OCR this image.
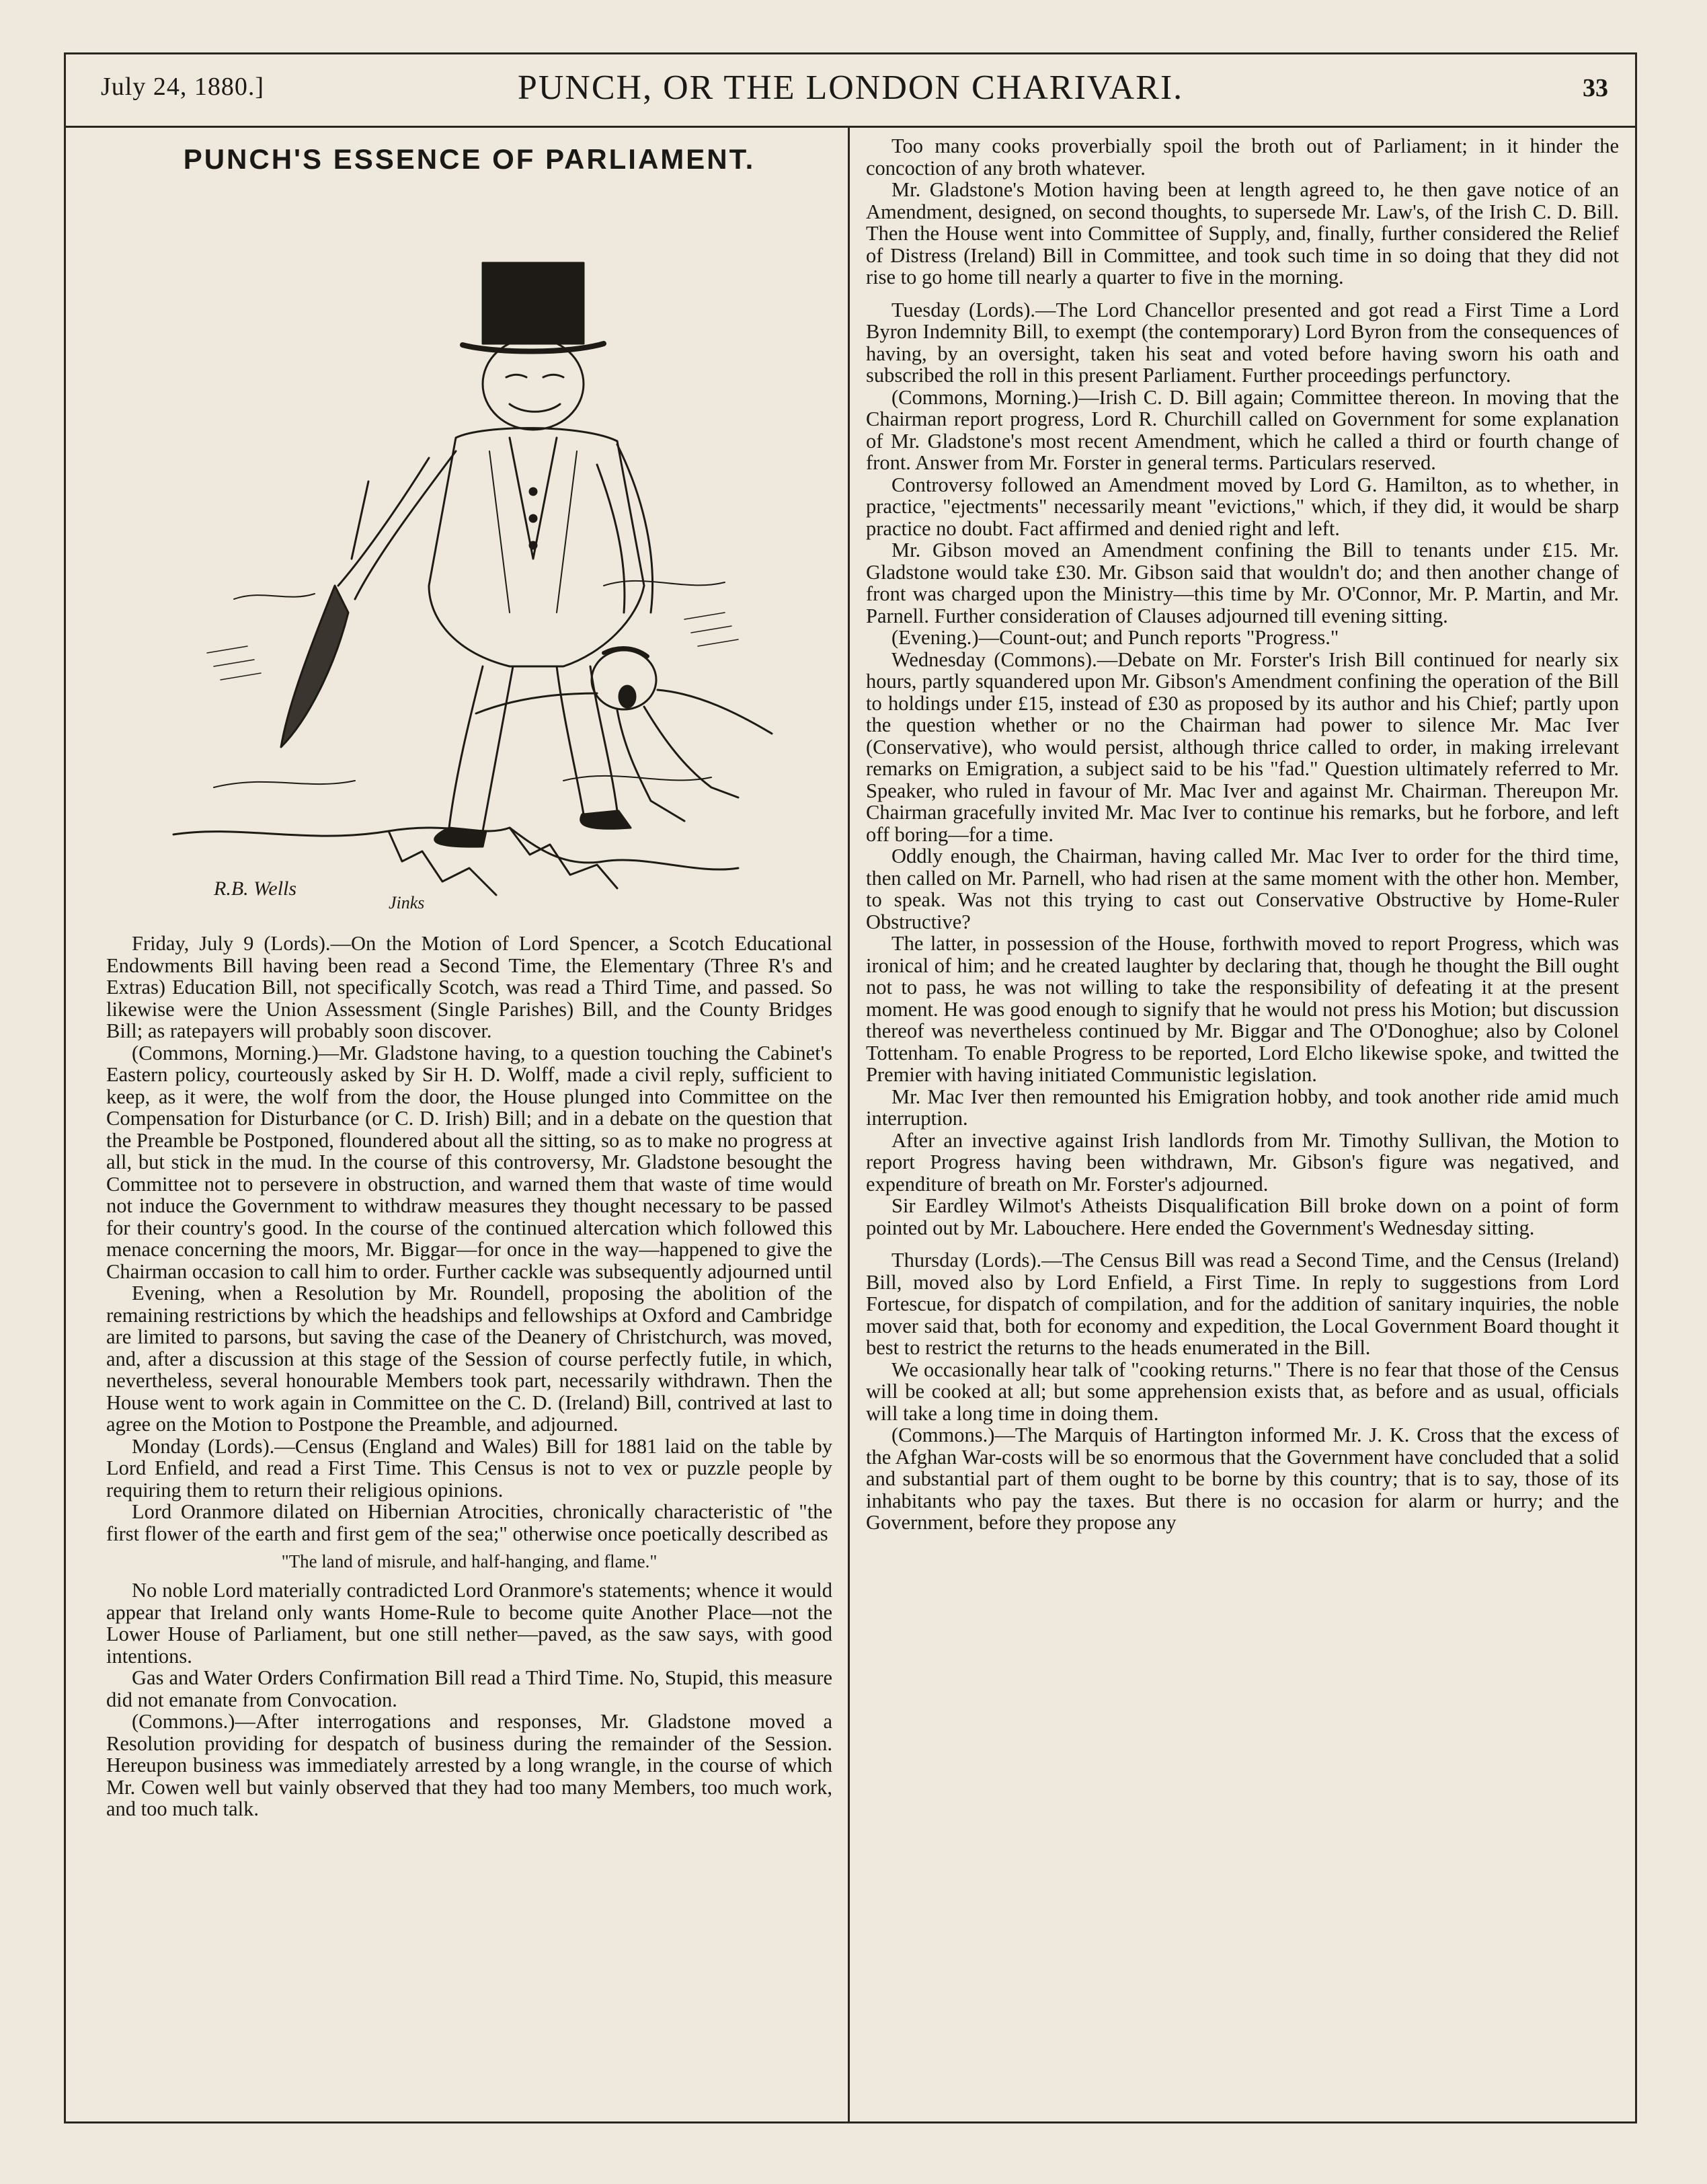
July 24, 1880.]	PUNCH, OR THE LONDON CHARIVARI.	33
PUNCH'S ESSENCE OF PARLIAMENT.
R.B. Wells
Jinks

Friday, July 9 (Lords).—On the Motion of Lord Spencer, a Scotch Educational Endowments Bill having been read a Second Time, the Elementary (Three R's and Extras) Education Bill, not specifically Scotch, was read a Third Time, and passed. So likewise were the Union Assessment (Single Parishes) Bill, and the County Bridges Bill; as ratepayers will probably soon discover.

(Commons, Morning.)—Mr. Gladstone having, to a question touching the Cabinet's Eastern policy, courteously asked by Sir H. D. Wolff, made a civil reply, sufficient to keep, as it were, the wolf from the door, the House plunged into Committee on the Compensation for Disturbance (or C. D. Irish) Bill; and in a debate on the question that the Preamble be Postponed, floundered about all the sitting, so as to make no progress at all, but stick in the mud. In the course of this controversy, Mr. Gladstone besought the Committee not to persevere in obstruction, and warned them that waste of time would not induce the Government to withdraw measures they thought necessary to be passed for their country's good. In the course of the continued altercation which followed this menace concerning the moors, Mr. Biggar—for once in the way—happened to give the Chairman occasion to call him to order. Further cackle was subsequently adjourned until

Evening, when a Resolution by Mr. Roundell, proposing the abolition of the remaining restrictions by which the headships and fellowships at Oxford and Cambridge are limited to parsons, but saving the case of the Deanery of Christchurch, was moved, and, after a discussion at this stage of the Session of course perfectly futile, in which, nevertheless, several honourable Members took part, necessarily withdrawn. Then the House went to work again in Committee on the C. D. (Ireland) Bill, contrived at last to agree on the Motion to Postpone the Preamble, and adjourned.

Monday (Lords).—Census (England and Wales) Bill for 1881 laid on the table by Lord Enfield, and read a First Time. This Census is not to vex or puzzle people by requiring them to return their religious opinions.

Lord Oranmore dilated on Hibernian Atrocities, chronically characteristic of "the first flower of the earth and first gem of the sea;" otherwise once poetically described as

"The land of misrule, and half-hanging, and flame."

No noble Lord materially contradicted Lord Oranmore's statements; whence it would appear that Ireland only wants Home-Rule to become quite Another Place—not the Lower House of Parliament, but one still nether—paved, as the saw says, with good intentions.

Gas and Water Orders Confirmation Bill read a Third Time. No, Stupid, this measure did not emanate from Convocation.

(Commons.)—After interrogations and responses, Mr. Gladstone moved a Resolution providing for despatch of business during the remainder of the Session. Hereupon business was immediately arrested by a long wrangle, in the course of which Mr. Cowen well but vainly observed that they had too many Members, too much work, and too much talk.

Too many cooks proverbially spoil the broth out of Parliament; in it hinder the concoction of any broth whatever.

Mr. Gladstone's Motion having been at length agreed to, he then gave notice of an Amendment, designed, on second thoughts, to supersede Mr. Law's, of the Irish C. D. Bill. Then the House went into Committee of Supply, and, finally, further considered the Relief of Distress (Ireland) Bill in Committee, and took such time in so doing that they did not rise to go home till nearly a quarter to five in the morning.

Tuesday (Lords).—The Lord Chancellor presented and got read a First Time a Lord Byron Indemnity Bill, to exempt (the contemporary) Lord Byron from the consequences of having, by an oversight, taken his seat and voted before having sworn his oath and subscribed the roll in this present Parliament. Further proceedings perfunctory.

(Commons, Morning.)—Irish C. D. Bill again; Committee thereon. In moving that the Chairman report progress, Lord R. Churchill called on Government for some explanation of Mr. Gladstone's most recent Amendment, which he called a third or fourth change of front. Answer from Mr. Forster in general terms. Particulars reserved.

Controversy followed an Amendment moved by Lord G. Hamilton, as to whether, in practice, "ejectments" necessarily meant "evictions," which, if they did, it would be sharp practice no doubt. Fact affirmed and denied right and left.

Mr. Gibson moved an Amendment confining the Bill to tenants under £15. Mr. Gladstone would take £30. Mr. Gibson said that wouldn't do; and then another change of front was charged upon the Ministry—this time by Mr. O'Connor, Mr. P. Martin, and Mr. Parnell. Further consideration of Clauses adjourned till evening sitting.

(Evening.)—Count-out; and Punch reports "Progress."

Wednesday (Commons).—Debate on Mr. Forster's Irish Bill continued for nearly six hours, partly squandered upon Mr. Gibson's Amendment confining the operation of the Bill to holdings under £15, instead of £30 as proposed by its author and his Chief; partly upon the question whether or no the Chairman had power to silence Mr. Mac Iver (Conservative), who would persist, although thrice called to order, in making irrelevant remarks on Emigration, a subject said to be his "fad." Question ultimately referred to Mr. Speaker, who ruled in favour of Mr. Mac Iver and against Mr. Chairman. Thereupon Mr. Chairman gracefully invited Mr. Mac Iver to continue his remarks, but he forbore, and left off boring—for a time.

Oddly enough, the Chairman, having called Mr. Mac Iver to order for the third time, then called on Mr. Parnell, who had risen at the same moment with the other hon. Member, to speak. Was not this trying to cast out Conservative Obstructive by Home-Ruler Obstructive?

The latter, in possession of the House, forthwith moved to report Progress, which was ironical of him; and he created laughter by declaring that, though he thought the Bill ought not to pass, he was not willing to take the responsibility of defeating it at the present moment. He was good enough to signify that he would not press his Motion; but discussion thereof was nevertheless continued by Mr. Biggar and The O'Donoghue; also by Colonel Tottenham. To enable Progress to be reported, Lord Elcho likewise spoke, and twitted the Premier with having initiated Communistic legislation.

Mr. Mac Iver then remounted his Emigration hobby, and took another ride amid much interruption.

After an invective against Irish landlords from Mr. Timothy Sullivan, the Motion to report Progress having been withdrawn, Mr. Gibson's figure was negatived, and expenditure of breath on Mr. Forster's adjourned.

Sir Eardley Wilmot's Atheists Disqualification Bill broke down on a point of form pointed out by Mr. Labouchere. Here ended the Government's Wednesday sitting.

Thursday (Lords).—The Census Bill was read a Second Time, and the Census (Ireland) Bill, moved also by Lord Enfield, a First Time. In reply to suggestions from Lord Fortescue, for dispatch of compilation, and for the addition of sanitary inquiries, the noble mover said that, both for economy and expedition, the Local Government Board thought it best to restrict the returns to the heads enumerated in the Bill.

We occasionally hear talk of "cooking returns." There is no fear that those of the Census will be cooked at all; but some apprehension exists that, as before and as usual, officials will take a long time in doing them.

(Commons.)—The Marquis of Hartington informed Mr. J. K. Cross that the excess of the Afghan War-costs will be so enormous that the Government have concluded that a solid and substantial part of them ought to be borne by this country; that is to say, those of its inhabitants who pay the taxes. But there is no occasion for alarm or hurry; and the Government, before they propose any
